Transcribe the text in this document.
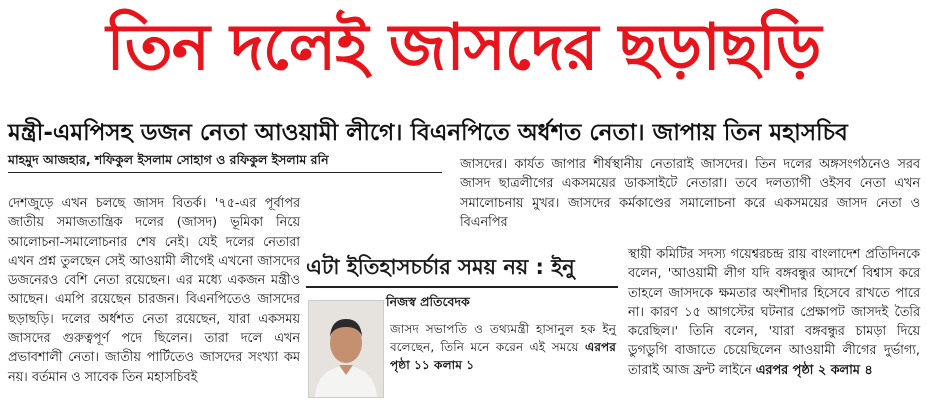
তিন দলেই জাসদের ছড়াছড়ি
মন্ত্রী-এমপিসহ ডজন নেতা আওয়ামী লীগে। বিএনপিতে অর্ধশত নেতা। জাপায় তিন মহাসচিব
মাহমুদ আজহার, শফিকুল ইসলাম সোহাগ ও রফিকুল ইসলাম রনি

দেশজুড়ে এখন চলছে জাসদ বিতর্ক। '৭৫-এর পূর্বাপর জাতীয় সমাজতান্ত্রিক দলের (জাসদ) ভূমিকা নিয়ে আলোচনা-সমালোচনার শেষ নেই। যেই দলের নেতারা এখন প্রশ্ন তুলছেন সেই আওয়ামী লীগেই এখনো জাসদের ডজনেরও বেশি নেতা রয়েছেন। এর মধ্যে একজন মন্ত্রীও আছেন। এমপি রয়েছেন চারজন। বিএনপিতেও জাসদের ছড়াছড়ি। দলের অর্ধশত নেতা রয়েছেন, যারা একসময় জাসদের গুরুত্বপূর্ণ পদে ছিলেন। তারা দলে এখন প্রভাবশালী নেতা। জাতীয় পার্টিতেও জাসদের সংখ্যা কম নয়। বর্তমান ও সাবেক তিন মহাসচিবই

জাসদের। কার্যত জাপার শীর্ষস্থানীয় নেতারাই জাসদের। তিন দলের অঙ্গসংগঠনেও সরব জাসদ ছাত্রলীগের একসময়ের ডাকসাইটে নেতারা। তবে দলত্যাগী ওইসব নেতা এখন সমালোচনায় মুখর। জাসদের কর্মকাণ্ডের সমালোচনা করে একসময়ের জাসদ নেতা ও বিএনপির

স্থায়ী কমিটির সদস্য গয়েশ্বরচন্দ্র রায় বাংলাদেশ প্রতিদিনকে বলেন, 'আওয়ামী লীগ যদি বঙ্গবন্ধুর আদর্শে বিশ্বাস করে তাহলে জাসদকে ক্ষমতার অংশীদার হিসেবে রাখতে পারে না। কারণ ১৫ আগস্টের ঘটনার প্রেক্ষাপট জাসদই তৈরি করেছিল।' তিনি বলেন, 'যারা বঙ্গবন্ধুর চামড়া দিয়ে ডুগডুগি বাজাতে চেয়েছিলেন আওয়ামী লীগের দুর্ভাগ্য, তারাই আজ ফ্রন্ট লাইনে এরপর পৃষ্ঠা ২ কলাম ৪

এটা ইতিহাসচর্চার সময় নয় : ইনু
নিজস্ব প্রতিবেদক
জাসদ সভাপতি ও তথ্যমন্ত্রী হাসানুল হক ইনু বলেছেন, তিনি মনে করেন এই সময়ে এরপর পৃষ্ঠা ১১ কলাম ১
